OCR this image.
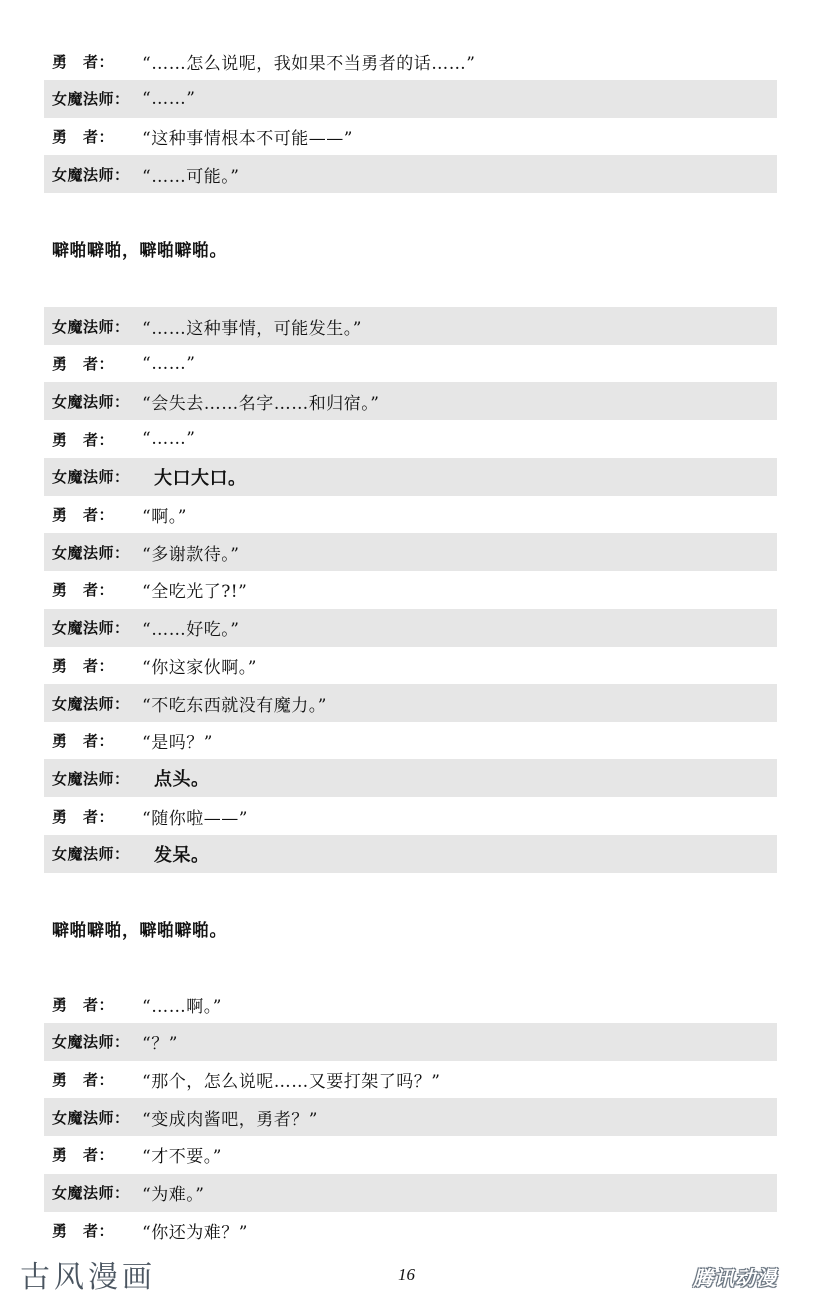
勇　者：	“……怎么说呢，我如果不当勇者的话……”
女魔法师： “……”
勇　者：	“这种事情根本不可能——”
女魔法师： “……可能。”
噼啪噼啪，噼啪噼啪。
女魔法师： “……这种事情，可能发生。”
勇　者：	“……”
女魔法师： “会失去……名字……和归宿。”
勇　者：	“……”
女魔法师：	大口大口。
勇　者：	“啊。”
女魔法师： “多谢款待。”
勇　者：	“全吃光了?!”
女魔法师： “……好吃。”
勇　者：	“你这家伙啊。”
女魔法师： “不吃东西就没有魔力。”
勇　者：	“是吗？”
女魔法师：	点头。
勇　者：	“随你啦——”
女魔法师：	发呆。
噼啪噼啪，噼啪噼啪。
勇　者：	“……啊。”
女魔法师： “？”
勇　者：	“那个，怎么说呢……又要打架了吗？”
女魔法师： “变成肉酱吧，勇者？”
勇　者：	“才不要。”
女魔法师： “为难。”
勇　者：	“你还为难？”
古风漫画	16	腾讯动漫
